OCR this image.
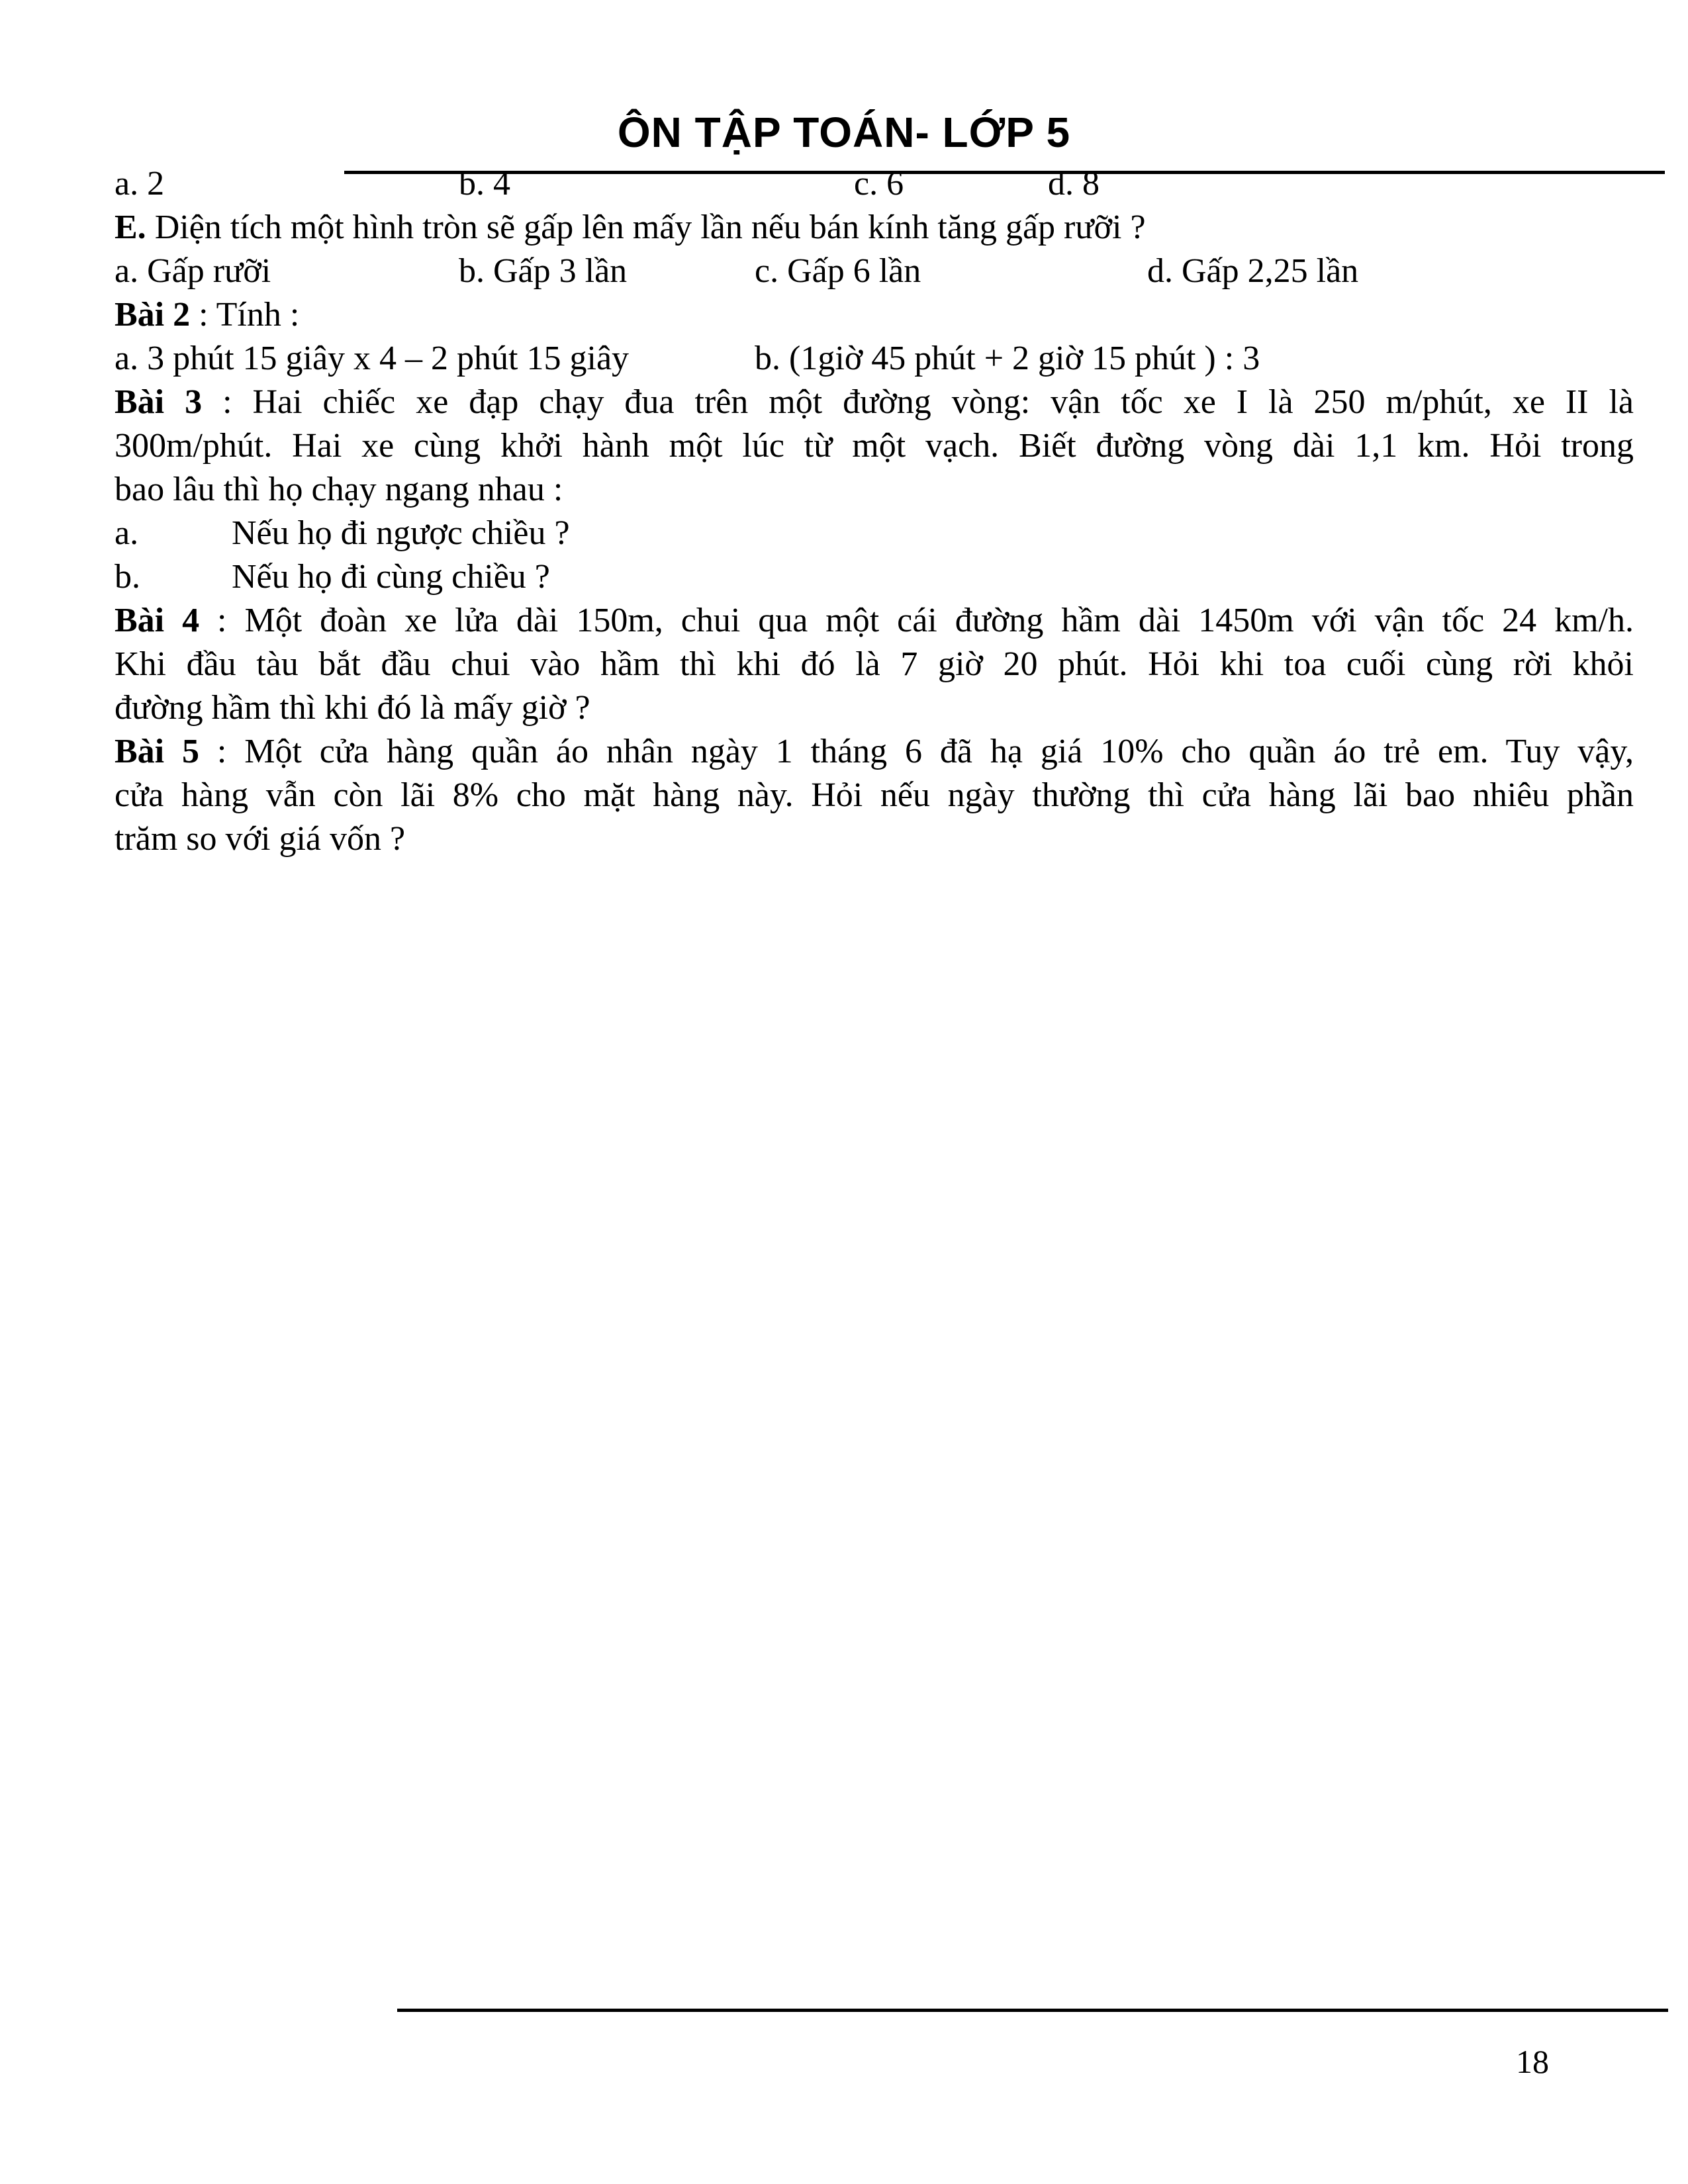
ÔN TẬP TOÁN- LỚP 5
a. 2	b. 4	c. 6	d. 8
E. Diện tích một hình tròn sẽ gấp lên mấy lần nếu bán kính tăng gấp rưỡi ?
a. Gấp rưỡi	b. Gấp 3 lần	c. Gấp 6 lần	d. Gấp 2,25 lần
Bài 2 : Tính :
a. 3 phút 15 giây x 4 – 2 phút 15 giây	b. (1giờ 45 phút + 2 giờ 15 phút ) : 3
Bài 3 : Hai chiếc xe đạp chạy đua trên một đường vòng: vận tốc xe I là 250 m/phút, xe II là
300m/phút. Hai xe cùng khởi hành một lúc từ một vạch. Biết đường vòng dài 1,1 km. Hỏi trong
bao lâu thì họ chạy ngang nhau :
a.	Nếu họ đi ngược chiều ?
b.	Nếu họ đi cùng chiều ?
Bài 4 : Một đoàn xe lửa dài 150m, chui qua một cái đường hầm dài 1450m với vận tốc 24 km/h.
Khi đầu tàu bắt đầu chui vào hầm thì khi đó là 7 giờ 20 phút. Hỏi khi toa cuối cùng rời khỏi
đường hầm thì khi đó là mấy giờ ?
Bài 5 : Một cửa hàng quần áo nhân ngày 1 tháng 6 đã hạ giá 10% cho quần áo trẻ em. Tuy vậy,
cửa hàng vẫn còn lãi 8% cho mặt hàng này. Hỏi nếu ngày thường thì cửa hàng lãi bao nhiêu phần
trăm so với giá vốn ?
18
